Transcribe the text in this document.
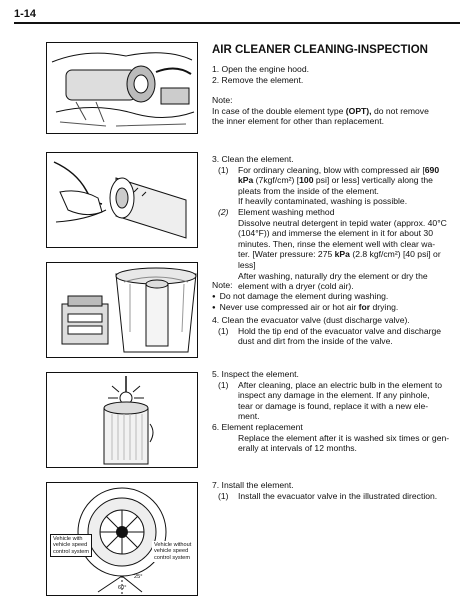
1-14
Vehicle with
vehicle speed
control system
Vehicle without
vehicle speed
control system
60°
25°
AIR CLEANER CLEANING-INSPECTION
1. Open the engine hood.
2. Remove the element.
Note:
In case of the double element type (OPT), do not remove
the inner element for other than replacement.
3. Clean the element.
(1)	For ordinary cleaning, blow with compressed air [690
kPa (7kgf/cm²) [100 psi] or less] vertically along the
pleats from the inside of the element.
If heavily contaminated, washing is possible.
(2)	Element washing method
Dissolve neutral detergent in tepid water (approx. 40°C
(104°F)) and immerse the element in it for about 30
minutes. Then, rinse the element well with clear wa-
ter. [Water pressure: 275 kPa (2.8 kgf/cm²) [40 psi] or
less]
After washing, naturally dry the element or dry the
element with a dryer (cold air).
Note:
● Do not damage the element during washing.
● Never use compressed air or hot air for drying.
4. Clean the evacuator valve (dust discharge valve).
(1)	Hold the tip end of the evacuator valve and discharge
dust and dirt from the inside of the valve.
5. Inspect the element.
(1)	After cleaning, place an electric bulb in the element to
inspect any damage in the element. If any pinhole,
tear or damage is found, replace it with a new ele-
ment.
6. Element replacement
Replace the element after it is washed six times or gen-
erally at intervals of 12 months.
7. Install the element.
(1)	Install the evacuator valve in the illustrated direction.
